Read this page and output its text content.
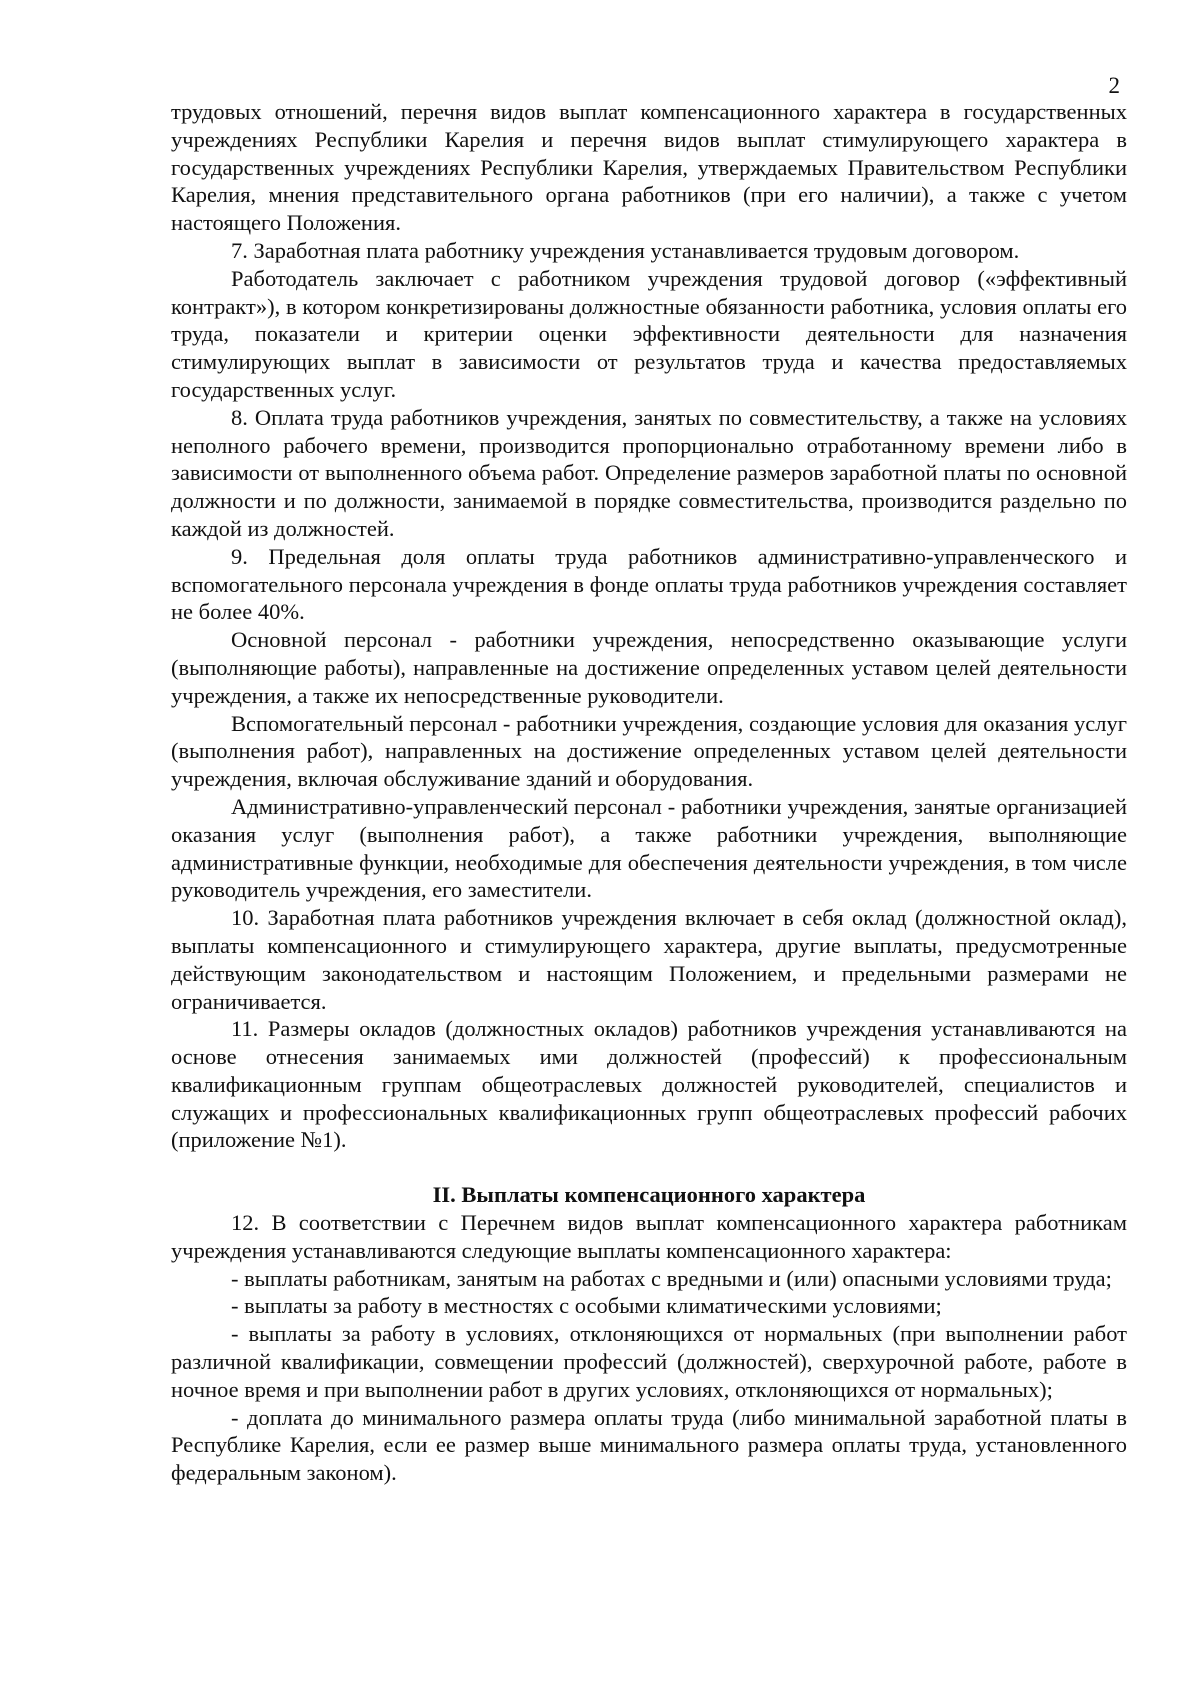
2

трудовых отношений, перечня видов выплат компенсационного характера в государственных учреждениях Республики Карелия и перечня видов выплат стимулирующего характера в государственных учреждениях Республики Карелия, утверждаемых Правительством Республики Карелия, мнения представительного органа работников (при его наличии), а также с учетом настоящего Положения.

7. Заработная плата работнику учреждения устанавливается трудовым договором.

Работодатель заключает с работником учреждения трудовой договор («эффективный контракт»), в котором конкретизированы должностные обязанности работника, условия оплаты его труда, показатели и критерии оценки эффективности деятельности для назначения стимулирующих выплат в зависимости от результатов труда и качества предоставляемых государственных услуг.

8. Оплата труда работников учреждения, занятых по совместительству, а также на условиях неполного рабочего времени, производится пропорционально отработанному времени либо в зависимости от выполненного объема работ. Определение размеров заработной платы по основной должности и по должности, занимаемой в порядке совместительства, производится раздельно по каждой из должностей.

9. Предельная доля оплаты труда работников административно-управленческого и вспомогательного персонала учреждения в фонде оплаты труда работников учреждения составляет не более 40%.

Основной персонал - работники учреждения, непосредственно оказывающие услуги (выполняющие работы), направленные на достижение определенных уставом целей деятельности учреждения, а также их непосредственные руководители.

Вспомогательный персонал - работники учреждения, создающие условия для оказания услуг (выполнения работ), направленных на достижение определенных уставом целей деятельности учреждения, включая обслуживание зданий и оборудования.

Административно-управленческий персонал - работники учреждения, занятые организацией оказания услуг (выполнения работ), а также работники учреждения, выполняющие административные функции, необходимые для обеспечения деятельности учреждения, в том числе руководитель учреждения, его заместители.

10. Заработная плата работников учреждения включает в себя оклад (должностной оклад), выплаты компенсационного и стимулирующего характера, другие выплаты, предусмотренные действующим законодательством и настоящим Положением, и предельными размерами не ограничивается.

11. Размеры окладов (должностных окладов) работников учреждения устанавливаются на основе отнесения занимаемых ими должностей (профессий) к профессиональным квалификационным группам общеотраслевых должностей руководителей, специалистов и служащих и профессиональных квалификационных групп общеотраслевых профессий рабочих (приложение №1).

II. Выплаты компенсационного характера

12. В соответствии с Перечнем видов выплат компенсационного характера работникам учреждения устанавливаются следующие выплаты компенсационного характера:

- выплаты работникам, занятым на работах с вредными и (или) опасными условиями труда;

- выплаты за работу в местностях с особыми климатическими условиями;

- выплаты за работу в условиях, отклоняющихся от нормальных (при выполнении работ различной квалификации, совмещении профессий (должностей), сверхурочной работе, работе в ночное время и при выполнении работ в других условиях, отклоняющихся от нормальных);

- доплата до минимального размера оплаты труда (либо минимальной заработной платы в Республике Карелия, если ее размер выше минимального размера оплаты труда, установленного федеральным законом).
